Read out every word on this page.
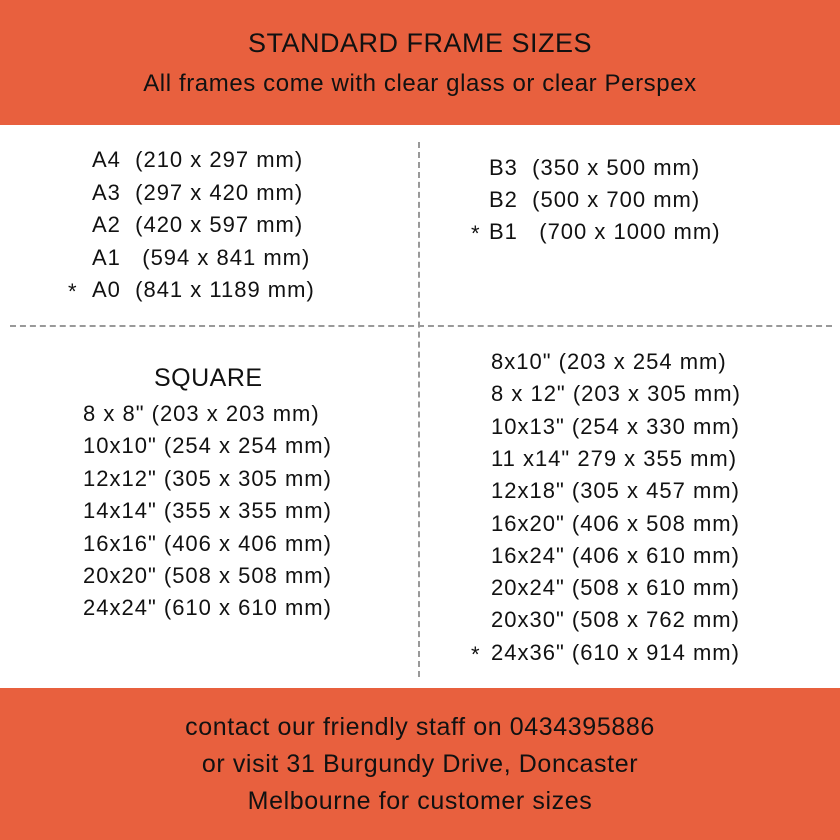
STANDARD FRAME SIZES
All frames come with clear glass or clear Perspex
A4  (210 x 297 mm)
A3  (297 x 420 mm)
A2  (420 x 597 mm)
A1   (594 x 841 mm)
A0  (841 x 1189 mm)
*
B3  (350 x 500 mm)
B2  (500 x 700 mm)
B1   (700 x 1000 mm)
*
SQUARE
8 x 8" (203 x 203 mm)
10x10" (254 x 254 mm)
12x12" (305 x 305 mm)
14x14" (355 x 355 mm)
16x16" (406 x 406 mm)
20x20" (508 x 508 mm)
24x24" (610 x 610 mm)
8x10" (203 x 254 mm)
8 x 12" (203 x 305 mm)
10x13" (254 x 330 mm)
11 x14" 279 x 355 mm)
12x18" (305 x 457 mm)
16x20" (406 x 508 mm)
16x24" (406 x 610 mm)
20x24" (508 x 610 mm)
20x30" (508 x 762 mm)
24x36" (610 x 914 mm)
*
contact our friendly staff on 0434395886
or visit 31 Burgundy Drive, Doncaster
Melbourne for customer sizes
